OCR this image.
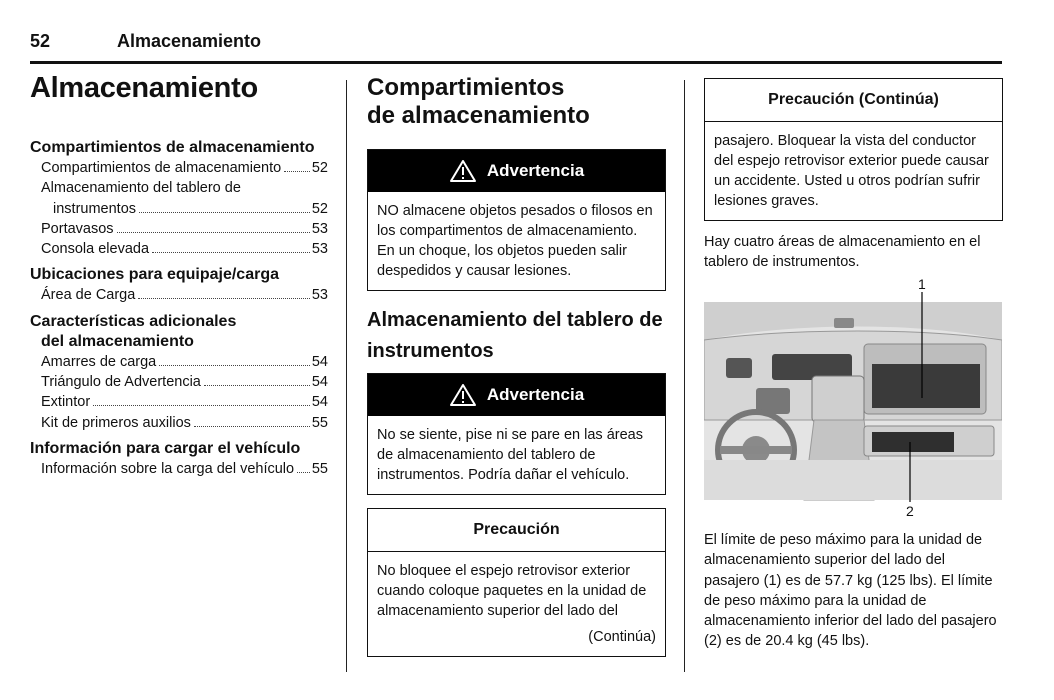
52	Almacenamiento
Almacenamiento
Compartimientos de almacenamiento
Compartimientos de almacenamiento 52
Almacenamiento del tablero de
instrumentos	52
Portavasos	53
Consola elevada	53
Ubicaciones para equipaje/carga
Área de Carga	53
Características adicionales
del almacenamiento
Amarres de carga	54
Triángulo de Advertencia	54
Extintor	54
Kit de primeros auxilios	55
Información para cargar el vehículo
Información sobre la carga del vehículo 55
Compartimientos
de almacenamiento
Advertencia
NO almacene objetos pesados o filosos en los compartimentos de almacenamiento. En un choque, los objetos pueden salir despedidos y causar lesiones.
Almacenamiento del tablero de
instrumentos
Advertencia
No se siente, pise ni se pare en las áreas de almacenamiento del tablero de instrumentos. Podría dañar el vehículo.
Precaución
No bloquee el espejo retrovisor exterior cuando coloque paquetes en la unidad de almacenamiento superior del lado del
(Continúa)
Precaución (Continúa)
pasajero. Bloquear la vista del conductor del espejo retrovisor exterior puede causar un accidente. Usted u otros podrían sufrir lesiones graves.
Hay cuatro áreas de almacenamiento en el tablero de instrumentos.
1
2
El límite de peso máximo para la unidad de almacenamiento superior del lado del pasajero (1) es de 57.7 kg (125 lbs). El límite de peso máximo para la unidad de almacenamiento inferior del lado del pasajero (2) es de 20.4 kg (45 lbs).
